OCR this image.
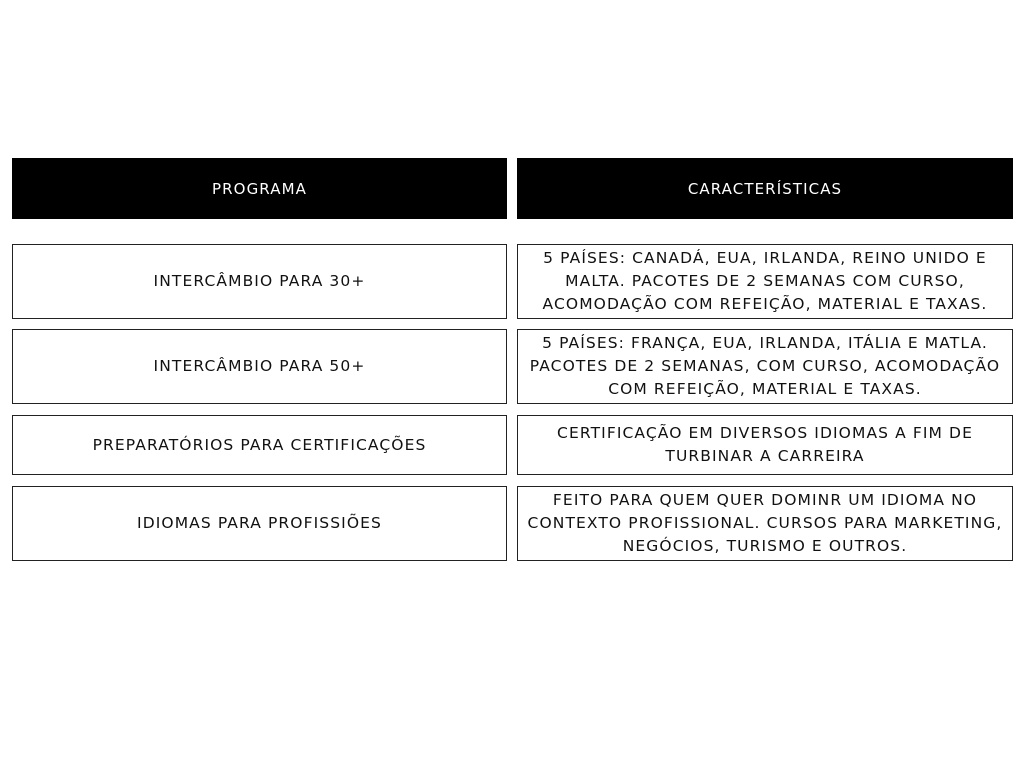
PROGRAMA	CARACTERÍSTICAS
INTERCÂMBIO PARA 30+
5 PAÍSES: CANADÁ, EUA, IRLANDA, REINO UNIDO E MALTA. PACOTES DE 2 SEMANAS COM CURSO, ACOMODAÇÃO COM REFEIÇÃO, MATERIAL E TAXAS.
INTERCÂMBIO PARA 50+
5 PAÍSES: FRANÇA, EUA, IRLANDA, ITÁLIA E MATLA. PACOTES DE 2 SEMANAS, COM CURSO, ACOMODAÇÃO COM REFEIÇÃO, MATERIAL E TAXAS.
PREPARATÓRIOS PARA CERTIFICAÇÕES
CERTIFICAÇÃO EM DIVERSOS IDIOMAS A FIM DE TURBINAR A CARREIRA
IDIOMAS PARA PROFISSIÕES
FEITO PARA QUEM QUER DOMINR UM IDIOMA NO CONTEXTO PROFISSIONAL. CURSOS PARA MARKETING, NEGÓCIOS, TURISMO E OUTROS.
